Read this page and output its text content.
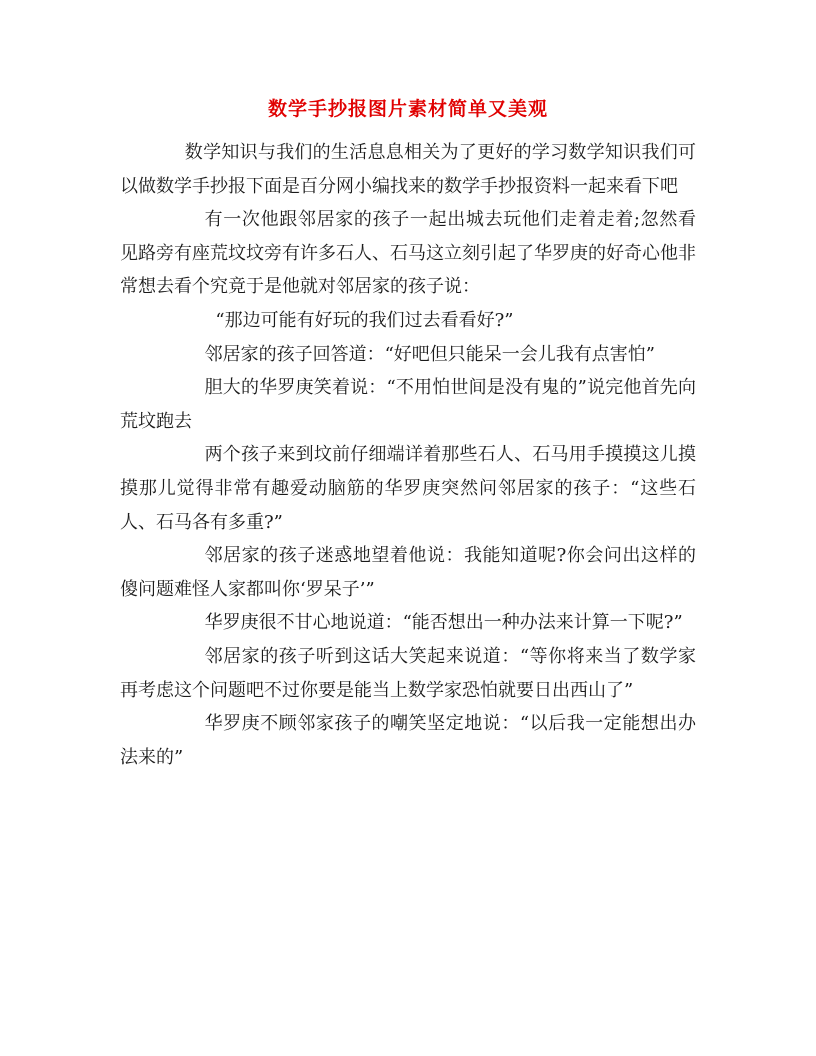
数学手抄报图片素材简单又美观

数学知识与我们的生活息息相关为了更好的学习数学知识我们可以做数学手抄报下面是百分网小编找来的数学手抄报资料一起来看下吧

有一次他跟邻居家的孩子一起出城去玩他们走着走着;忽然看见路旁有座荒坟坟旁有许多石人、石马这立刻引起了华罗庚的好奇心他非常想去看个究竟于是他就对邻居家的孩子说：

“那边可能有好玩的我们过去看看好?”

邻居家的孩子回答道：“好吧但只能呆一会儿我有点害怕”

胆大的华罗庚笑着说：“不用怕世间是没有鬼的”说完他首先向荒坟跑去

两个孩子来到坟前仔细端详着那些石人、石马用手摸摸这儿摸摸那儿觉得非常有趣爱动脑筋的华罗庚突然问邻居家的孩子：“这些石人、石马各有多重?”

邻居家的孩子迷惑地望着他说：我能知道呢?你会问出这样的傻问题难怪人家都叫你‘罗呆子’”

华罗庚很不甘心地说道：“能否想出一种办法来计算一下呢?”

邻居家的孩子听到这话大笑起来说道：“等你将来当了数学家再考虑这个问题吧不过你要是能当上数学家恐怕就要日出西山了”

华罗庚不顾邻家孩子的嘲笑坚定地说：“以后我一定能想出办法来的”
